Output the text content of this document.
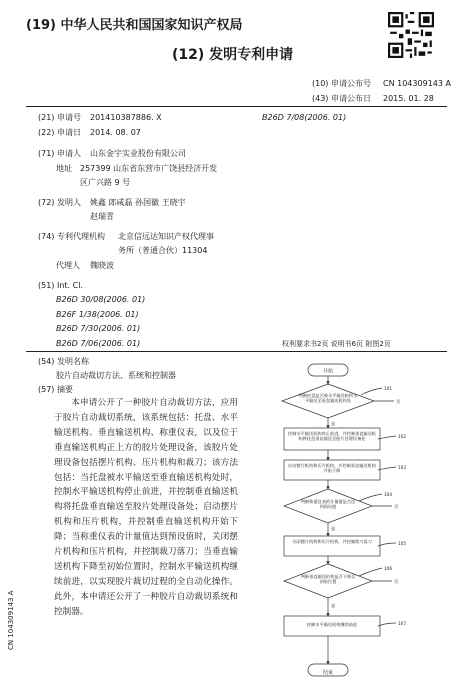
(19) 中华人民共和国国家知识产权局
(12) 发明专利申请
(10) 申请公布号 CN 104309143 A
(43) 申请公布日 2015. 01. 28
(21) 申请号 201410387886. X	B26D 7/08(2006. 01)
(22) 申请日 2014. 08. 07
(71) 申请人 山东金宇实业股份有限公司
地址 257399 山东省东营市广饶县经济开发
区广兴路 9 号
(72) 发明人 姚鑫 郎咸磊 孙国徽 王晓宇
赵瑞青
(74) 专利代理机构 北京信远达知识产权代理事
务所（普通合伙）11304
代理人 魏晓波
(51) Int. Cl.
B26D 30/08(2006. 01)
B26F 1/38(2006. 01)
B26D 7/30(2006. 01)
B26D 7/06(2006. 01)	权利要求书2页 说明书6页 附图2页
(54) 发明名称
胶片自动裁切方法、系统和控制器
(57) 摘要

本申请公开了一种胶片自动裁切方法，应用于胶片自动裁切系统，该系统包括：托盘、水平输送机构、垂直输送机构、称重仪表，以及位于垂直输送机构正上方的胶片处理设备，该胶片处理设备包括摆片机构、压片机构和裁刀；该方法包括：当托盘被水平输送至垂直输送机构处时，控制水平输送机构停止前进，并控制垂直输送机构将托盘垂直输送至胶片处理设备处；启动摆片机构和压片机构，并控制垂直输送机构开始下降；当称重仪表的计量值达到预设值时，关闭摆片机构和压片机构，并控制裁刀落刀；当垂直输送机构下降至初始位置时，控制水平输送机构继续前进，以实现胶片裁切过程的全自动化操作。此外，本申请还公开了一种胶片自动裁切系统和控制器。

CN 104309143 A
开始
结束
判断托盘是否被水平输送机构水平输送至垂直输送机构处
控制水平输送机构停止前进，并控制垂直输送机构将托盘垂直输送至胶片处理设备处
启动摆片机构和压片机构，并控制垂直输送机构开始下降
判断称重仪表的计量值是否达到预设值
关闭摆片机构和压片机构，并控制裁刀落刀
判断垂直输送机构是否下降至初始位置
控制水平输送机构继续前进
101
102
103
104
105
106
107
是
是
是
否
否
否
